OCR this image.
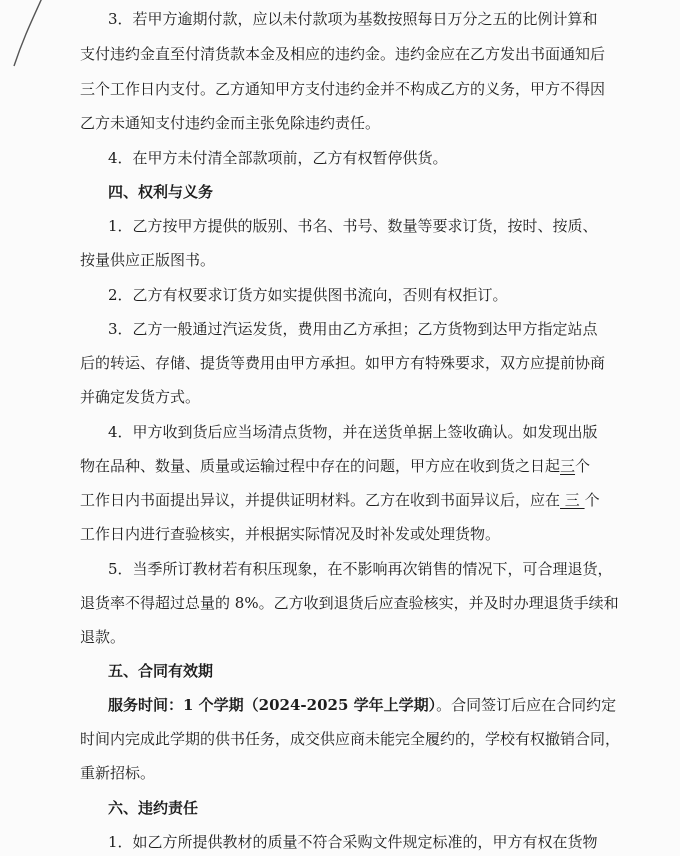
3．若甲方逾期付款，应以未付款项为基数按照每日万分之五的比例计算和
支付违约金直至付清货款本金及相应的违约金。违约金应在乙方发出书面通知后
三个工作日内支付。乙方通知甲方支付违约金并不构成乙方的义务，甲方不得因
乙方未通知支付违约金而主张免除违约责任。
4．在甲方未付清全部款项前，乙方有权暂停供货。
四、权利与义务
1．乙方按甲方提供的版别、书名、书号、数量等要求订货，按时、按质、
按量供应正版图书。
2．乙方有权要求订货方如实提供图书流向，否则有权拒订。
3．乙方一般通过汽运发货，费用由乙方承担；乙方货物到达甲方指定站点
后的转运、存储、提货等费用由甲方承担。如甲方有特殊要求，双方应提前协商
并确定发货方式。
4．甲方收到货后应当场清点货物，并在送货单据上签收确认。如发现出版
物在品种、数量、质量或运输过程中存在的问题，甲方应在收到货之日起三个
工作日内书面提出异议，并提供证明材料。乙方在收到书面异议后，应在 三 个
工作日内进行查验核实，并根据实际情况及时补发或处理货物。
5．当季所订教材若有积压现象，在不影响再次销售的情况下，可合理退货，
退货率不得超过总量的 8%。乙方收到退货后应查验核实，并及时办理退货手续和
退款。
五、合同有效期
服务时间：1 个学期（2024-2025 学年上学期）。合同签订后应在合同约定
时间内完成此学期的供书任务，成交供应商未能完全履约的，学校有权撤销合同，
重新招标。
六、违约责任
1．如乙方所提供教材的质量不符合采购文件规定标准的，甲方有权在货物
